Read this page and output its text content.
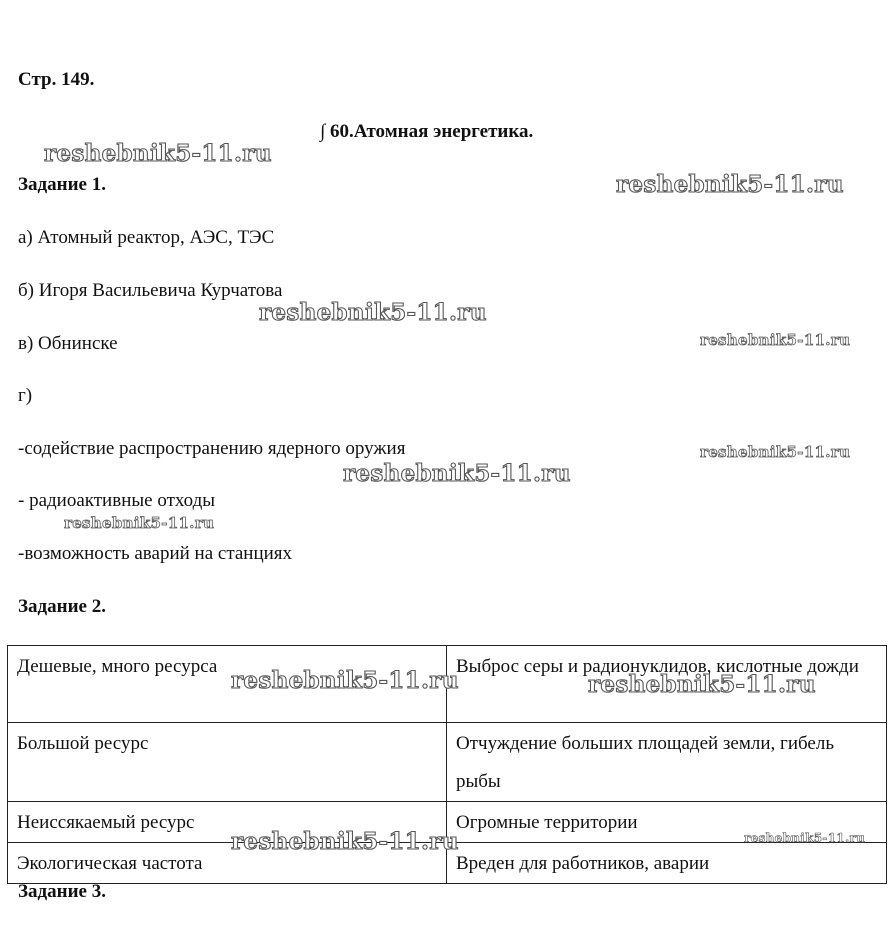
Стр. 149.
∫ 60.Атомная энергетика.
Задание 1.
а) Атомный реактор, АЭС, ТЭС
б) Игоря Васильевича Курчатова
в) Обнинске
г)
-содействие распространению ядерного оружия
- радиоактивные отходы
-возможность аварий на станциях
Задание 2.
Дешевые, много ресурса	Выброс серы и радионуклидов, кислотные дожди
Большой ресурс	Отчуждение больших площадей земли, гибель рыбы
Неиссякаемый ресурс	Огромные территории
Экологическая частота	Вреден для работников, аварии
Задание 3.
reshebnik5-11.ru
reshebnik5-11.ru
reshebnik5-11.ru
reshebnik5-11.ru
reshebnik5-11.ru
reshebnik5-11.ru
reshebnik5-11.ru
reshebnik5-11.ru	reshebnik5-11.ru
reshebnik5-11.ru	reshebnik5-11.ru
